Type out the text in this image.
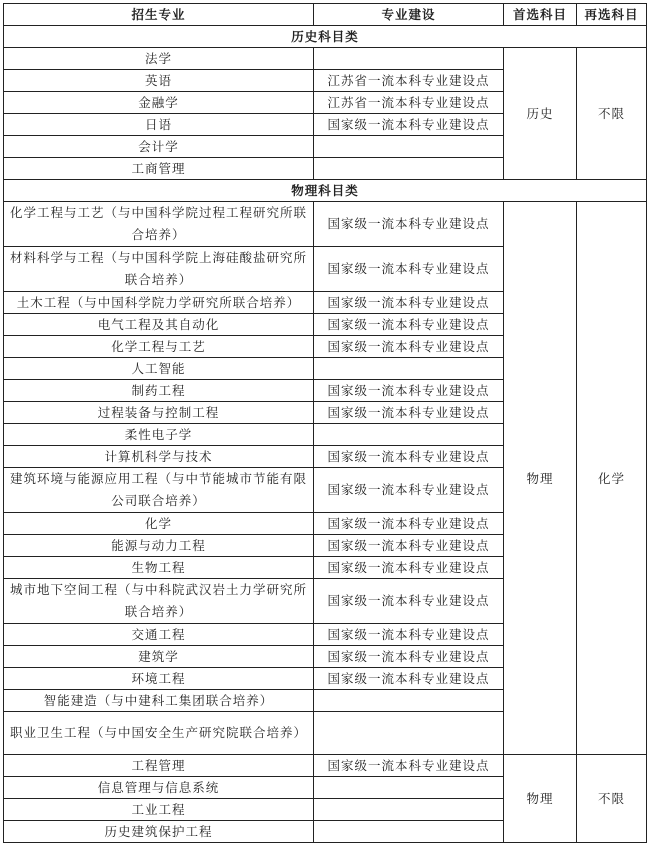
招生专业	专业建设	首选科目	再选科目
历史科目类			
法学		历史	不限
英语	江苏省一流本科专业建设点		
金融学	江苏省一流本科专业建设点		
日语	国家级一流本科专业建设点		
会计学			
工商管理			
物理科目类			
化学工程与工艺（与中国科学院过程工程研究所联合培养）	国家级一流本科专业建设点	物理	化学
材料科学与工程（与中国科学院上海硅酸盐研究所联合培养）	国家级一流本科专业建设点		
土木工程（与中国科学院力学研究所联合培养）	国家级一流本科专业建设点		
电气工程及其自动化	国家级一流本科专业建设点		
化学工程与工艺	国家级一流本科专业建设点		
人工智能			
制药工程	国家级一流本科专业建设点		
过程装备与控制工程	国家级一流本科专业建设点		
柔性电子学			
计算机科学与技术	国家级一流本科专业建设点		
建筑环境与能源应用工程（与中节能城市节能有限公司联合培养）	国家级一流本科专业建设点		
化学	国家级一流本科专业建设点		
能源与动力工程	国家级一流本科专业建设点		
生物工程	国家级一流本科专业建设点		
城市地下空间工程（与中科院武汉岩土力学研究所联合培养）	国家级一流本科专业建设点		
交通工程	国家级一流本科专业建设点		
建筑学	国家级一流本科专业建设点		
环境工程	国家级一流本科专业建设点		
智能建造（与中建科工集团联合培养）			
职业卫生工程（与中国安全生产研究院联合培养）			
工程管理	国家级一流本科专业建设点	物理	不限
信息管理与信息系统			
工业工程			
历史建筑保护工程			
